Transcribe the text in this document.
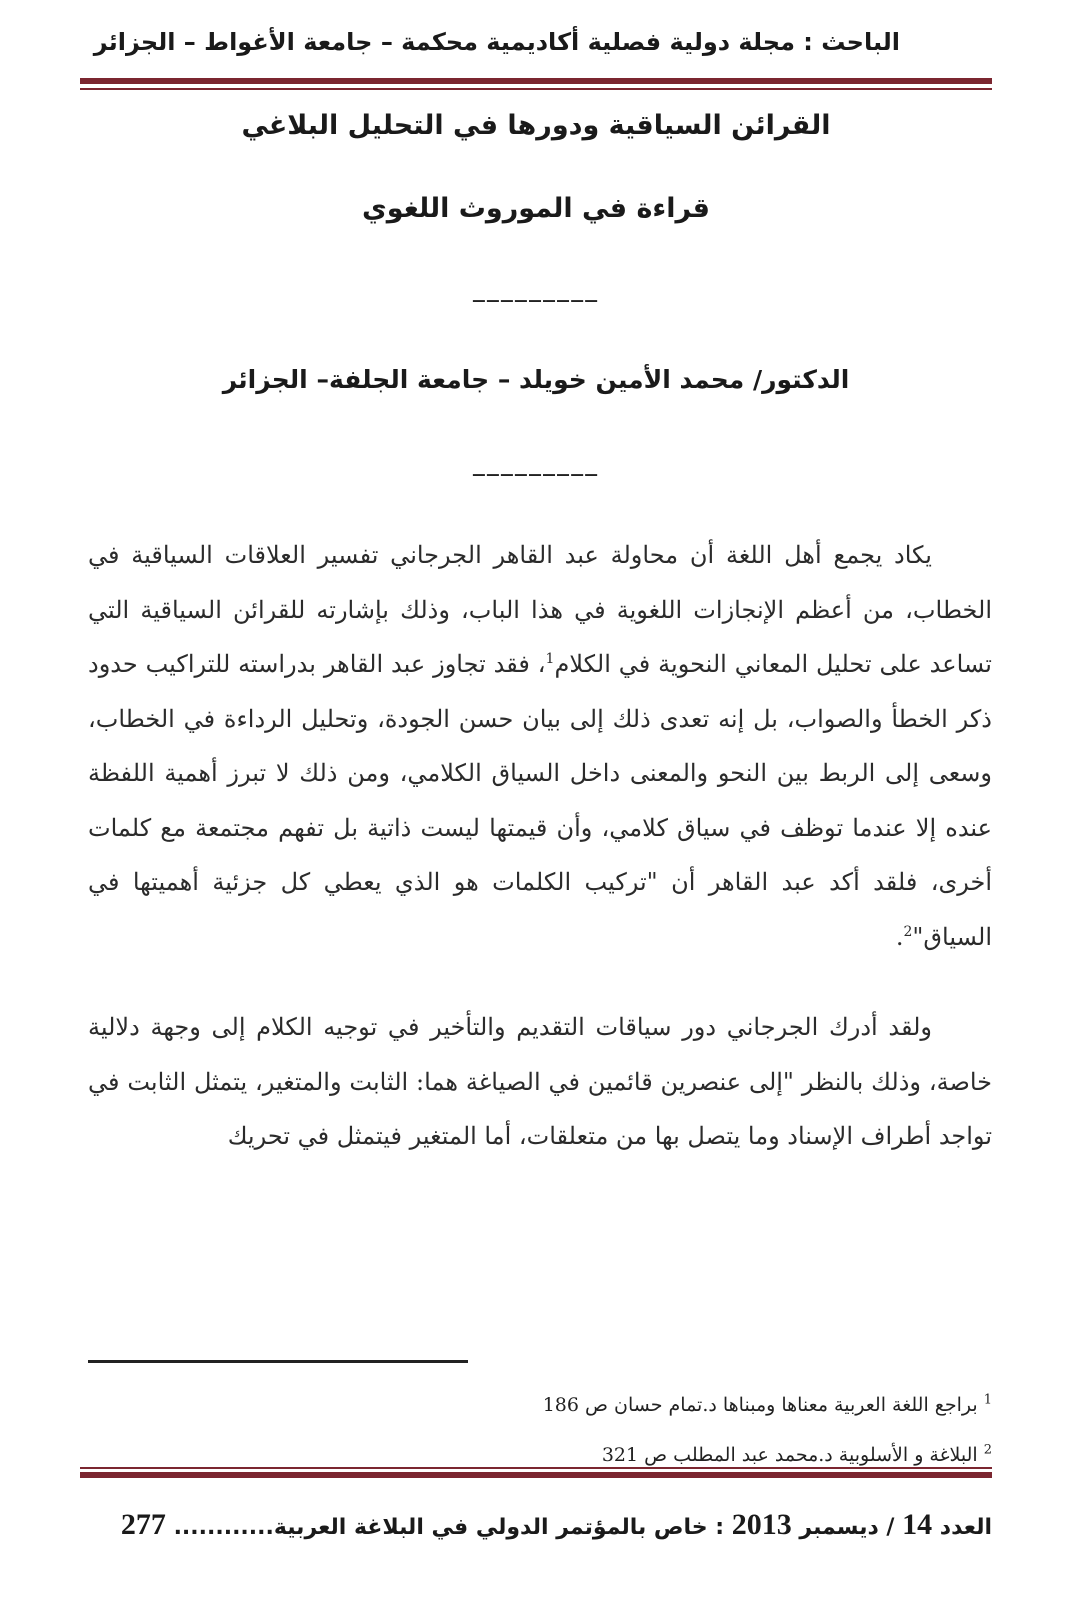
الباحث : مجلة دولية فصلية أكاديمية محكمة – جامعة الأغواط – الجزائر
القرائن السياقية ودورها في التحليل البلاغي
قراءة في الموروث اللغوي
_________
الدكتور/ محمد الأمين خويلد – جامعة الجلفة– الجزائر
_________
يكاد يجمع أهل اللغة أن محاولة عبد القاهر الجرجاني تفسير العلاقات السياقية في الخطاب، من أعظم الإنجازات اللغوية في هذا الباب، وذلك بإشارته للقرائن السياقية التي تساعد على تحليل المعاني النحوية في الكلام$^1$، فقد تجاوز عبد القاهر بدراسته للتراكيب حدود ذكر الخطأ والصواب، بل إنه تعدى ذلك إلى بيان حسن الجودة، وتحليل الرداءة في الخطاب، وسعى إلى الربط بين النحو والمعنى داخل السياق الكلامي، ومن ذلك لا تبرز أهمية اللفظة عنده إلا عندما توظف في سياق كلامي، وأن قيمتها ليست ذاتية بل تفهم مجتمعة مع كلمات أخرى، فلقد أكد عبد القاهر أن "تركيب الكلمات هو الذي يعطي كل جزئية أهميتها في السياق"$^2$.
ولقد أدرك الجرجاني دور سياقات التقديم والتأخير في توجيه الكلام إلى وجهة دلالية خاصة، وذلك بالنظر "إلى عنصرين قائمين في الصياغة هما: الثابت والمتغير، يتمثل الثابت في تواجد أطراف الإسناد وما يتصل بها من متعلقات، أما المتغير فيتمثل في تحريك
$^1$ براجع اللغة العربية معناها ومبناها د.تمام حسان ص 186
$^2$ البلاغة و الأسلوبية د.محمد عبد المطلب ص 321
العدد 14 / ديسمبر 2013 : خاص بالمؤتمر الدولي في البلاغة العربية............ 277
